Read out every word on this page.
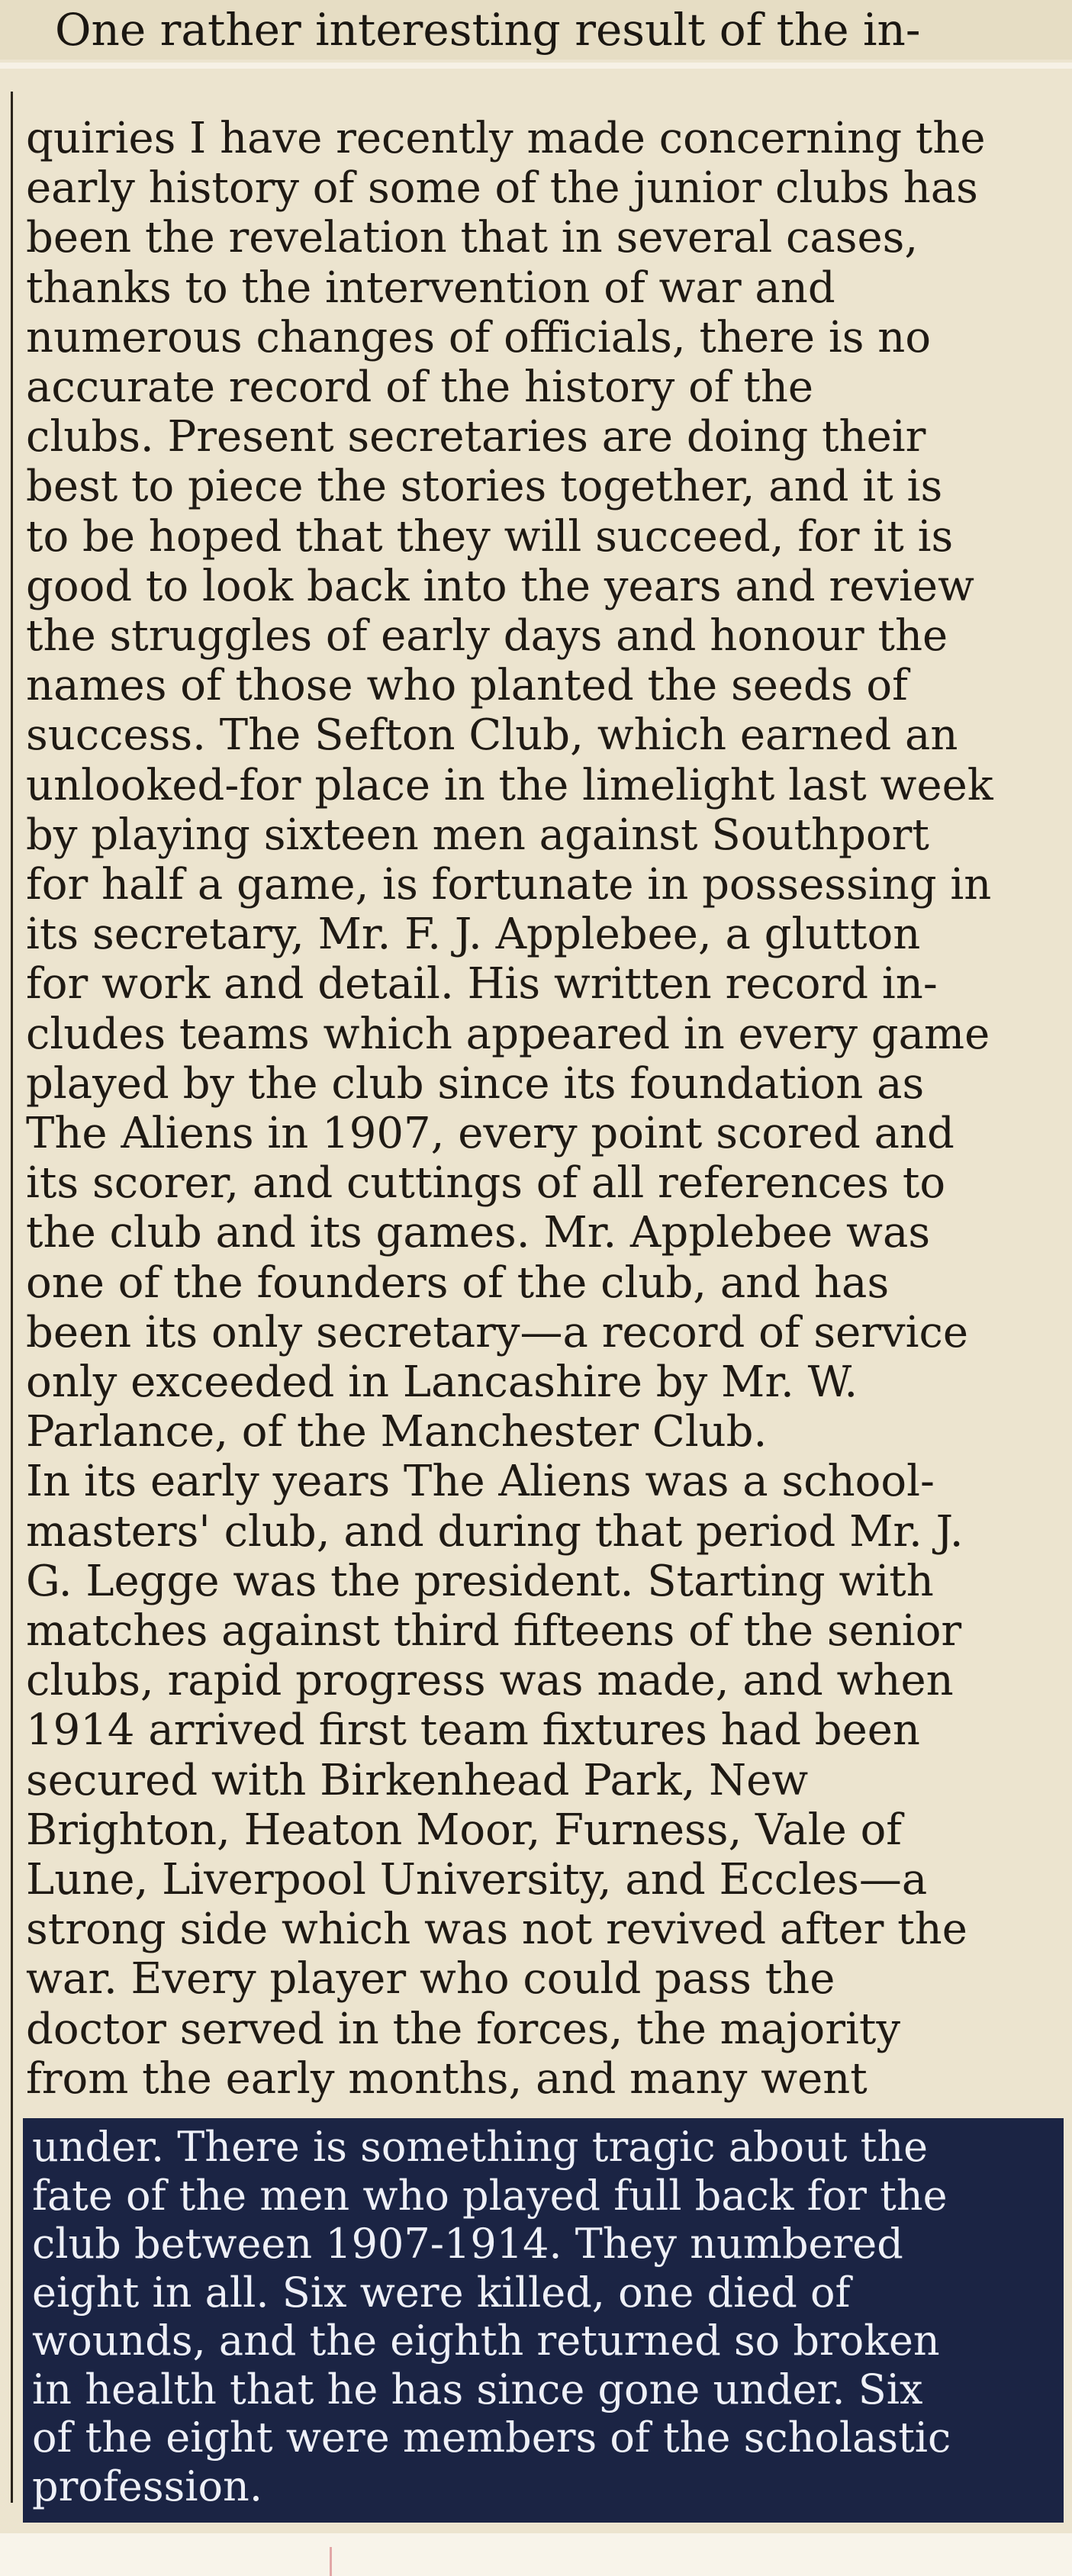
One rather interesting result of the in-
quiries I have recently made concerning the
early history of some of the junior clubs has
been the revelation that in several cases,
thanks to the intervention of war and
numerous changes of officials, there is no
accurate record of the history of the
clubs. Present secretaries are doing their
best to piece the stories together, and it is
to be hoped that they will succeed, for it is
good to look back into the years and review
the struggles of early days and honour the
names of those who planted the seeds of
success. The Sefton Club, which earned an
unlooked-for place in the limelight last week
by playing sixteen men against Southport
for half a game, is fortunate in possessing in
its secretary, Mr. F. J. Applebee, a glutton
for work and detail. His written record in-
cludes teams which appeared in every game
played by the club since its foundation as
The Aliens in 1907, every point scored and
its scorer, and cuttings of all references to
the club and its games. Mr. Applebee was
one of the founders of the club, and has
been its only secretary—a record of service
only exceeded in Lancashire by Mr. W.
Parlance, of the Manchester Club.
In its early years The Aliens was a school-
masters' club, and during that period Mr. J.
G. Legge was the president. Starting with
matches against third fifteens of the senior
clubs, rapid progress was made, and when
1914 arrived first team fixtures had been
secured with Birkenhead Park, New
Brighton, Heaton Moor, Furness, Vale of
Lune, Liverpool University, and Eccles—a
strong side which was not revived after the
war. Every player who could pass the
doctor served in the forces, the majority
from the early months, and many went
under. There is something tragic about the
fate of the men who played full back for the
club between 1907-1914. They numbered
eight in all. Six were killed, one died of
wounds, and the eighth returned so broken
in health that he has since gone under. Six
of the eight were members of the scholastic
profession.
